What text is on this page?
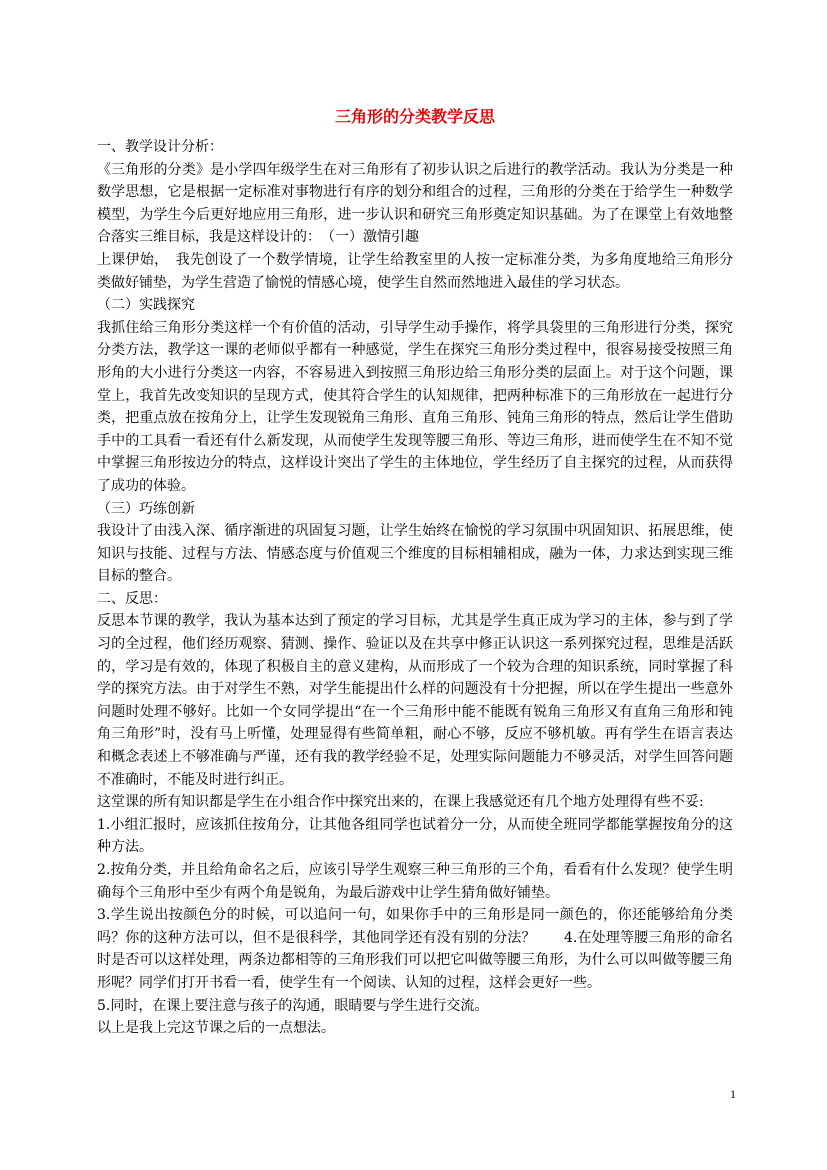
三角形的分类教学反思

一、教学设计分析：

《三角形的分类》是小学四年级学生在对三角形有了初步认识之后进行的教学活动。我认为分类是一种数学思想，它是根据一定标准对事物进行有序的划分和组合的过程，三角形的分类在于给学生一种数学模型，为学生今后更好地应用三角形，进一步认识和研究三角形奠定知识基础。为了在课堂上有效地整合落实三维目标，我是这样设计的：　（一）激情引趣

上课伊始，　我先创设了一个数学情境，让学生给教室里的人按一定标准分类，为多角度地给三角形分类做好铺垫，为学生营造了愉悦的情感心境，使学生自然而然地进入最佳的学习状态。

（二）实践探究

我抓住给三角形分类这样一个有价值的活动，引导学生动手操作，将学具袋里的三角形进行分类，探究分类方法，教学这一课的老师似乎都有一种感觉，学生在探究三角形分类过程中，很容易接受按照三角形角的大小进行分类这一内容，不容易进入到按照三角形边给三角形分类的层面上。对于这个问题，课堂上，我首先改变知识的呈现方式，使其符合学生的认知规律，把两种标准下的三角形放在一起进行分类，把重点放在按角分上，让学生发现锐角三角形、直角三角形、钝角三角形的特点，然后让学生借助手中的工具看一看还有什么新发现，从而使学生发现等腰三角形、等边三角形，进而使学生在不知不觉中掌握三角形按边分的特点，这样设计突出了学生的主体地位，学生经历了自主探究的过程，从而获得了成功的体验。

（三）巧练创新

我设计了由浅入深、循序渐进的巩固复习题，让学生始终在愉悦的学习氛围中巩固知识、拓展思维，使知识与技能、过程与方法、情感态度与价值观三个维度的目标相辅相成，融为一体，力求达到实现三维目标的整合。

二、反思：

反思本节课的教学，我认为基本达到了预定的学习目标，尤其是学生真正成为学习的主体，参与到了学习的全过程，他们经历观察、猜测、操作、验证以及在共享中修正认识这一系列探究过程，思维是活跃的，学习是有效的，体现了积极自主的意义建构，从而形成了一个较为合理的知识系统，同时掌握了科学的探究方法。由于对学生不熟，对学生能提出什么样的问题没有十分把握，所以在学生提出一些意外问题时处理不够好。比如一个女同学提出“在一个三角形中能不能既有锐角三角形又有直角三角形和钝角三角形”时，没有马上听懂，处理显得有些简单粗，耐心不够，反应不够机敏。再有学生在语言表达和概念表述上不够准确与严谨，还有我的教学经验不足，处理实际问题能力不够灵活，对学生回答问题不准确时，不能及时进行纠正。

这堂课的所有知识都是学生在小组合作中探究出来的，在课上我感觉还有几个地方处理得有些不妥:

1.小组汇报时，应该抓住按角分，让其他各组同学也试着分一分，从而使全班同学都能掌握按角分的这种方法。

2.按角分类，并且给角命名之后，应该引导学生观察三种三角形的三个角，看看有什么发现？使学生明确每个三角形中至少有两个角是锐角，为最后游戏中让学生猜角做好铺垫。

3.学生说出按颜色分的时候，可以追问一句，如果你手中的三角形是同一颜色的，你还能够给角分类吗？你的这种方法可以，但不是很科学，其他同学还有没有别的分法？　　4.在处理等腰三角形的命名时是否可以这样处理，两条边都相等的三角形我们可以把它叫做等腰三角形，为什么可以叫做等腰三角形呢？同学们打开书看一看，使学生有一个阅读、认知的过程，这样会更好一些。

5.同时，在课上要注意与孩子的沟通，眼睛要与学生进行交流。

以上是我上完这节课之后的一点想法。

1
